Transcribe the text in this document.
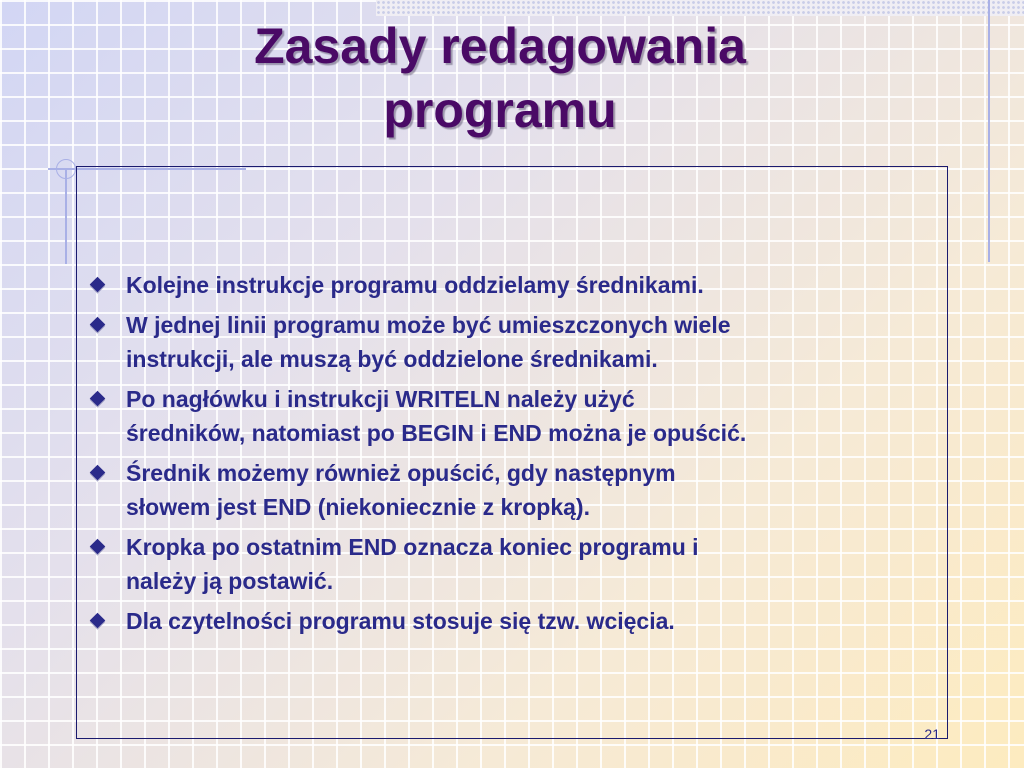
Zasady redagowania
programu
Kolejne instrukcje programu oddzielamy średnikami.
W jednej linii programu może być umieszczonych wiele
instrukcji, ale muszą być oddzielone średnikami.
Po nagłówku i instrukcji WRITELN należy użyć
średników, natomiast po BEGIN i END można je opuścić.
Średnik możemy również opuścić, gdy następnym
słowem jest END (niekoniecznie z kropką).
Kropka po ostatnim END oznacza koniec programu i
należy ją postawić.
Dla czytelności programu stosuje się tzw. wcięcia.
21
